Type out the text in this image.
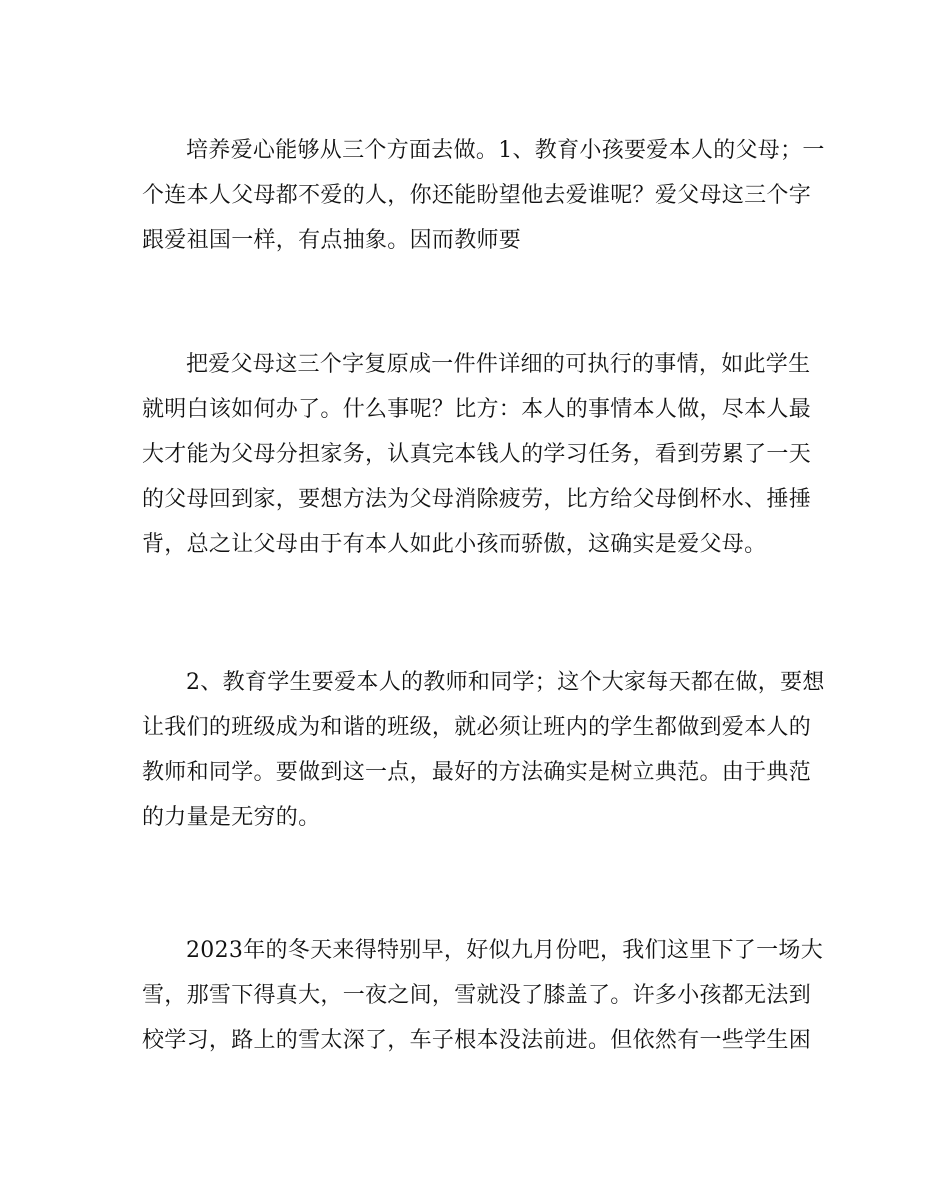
培养爱心能够从三个方面去做。1、教育小孩要爱本人的父母；一
个连本人父母都不爱的人，你还能盼望他去爱谁呢？爱父母这三个字
跟爱祖国一样，有点抽象。因而教师要
把爱父母这三个字复原成一件件详细的可执行的事情，如此学生
就明白该如何办了。什么事呢？比方：本人的事情本人做，尽本人最
大才能为父母分担家务，认真完本钱人的学习任务，看到劳累了一天
的父母回到家，要想方法为父母消除疲劳，比方给父母倒杯水、捶捶
背，总之让父母由于有本人如此小孩而骄傲，这确实是爱父母。
2、教育学生要爱本人的教师和同学；这个大家每天都在做，要想
让我们的班级成为和谐的班级，就必须让班内的学生都做到爱本人的
教师和同学。要做到这一点，最好的方法确实是树立典范。由于典范
的力量是无穷的。
2023年的冬天来得特别早，好似九月份吧，我们这里下了一场大
雪，那雪下得真大，一夜之间，雪就没了膝盖了。许多小孩都无法到
校学习，路上的雪太深了，车子根本没法前进。但依然有一些学生困
